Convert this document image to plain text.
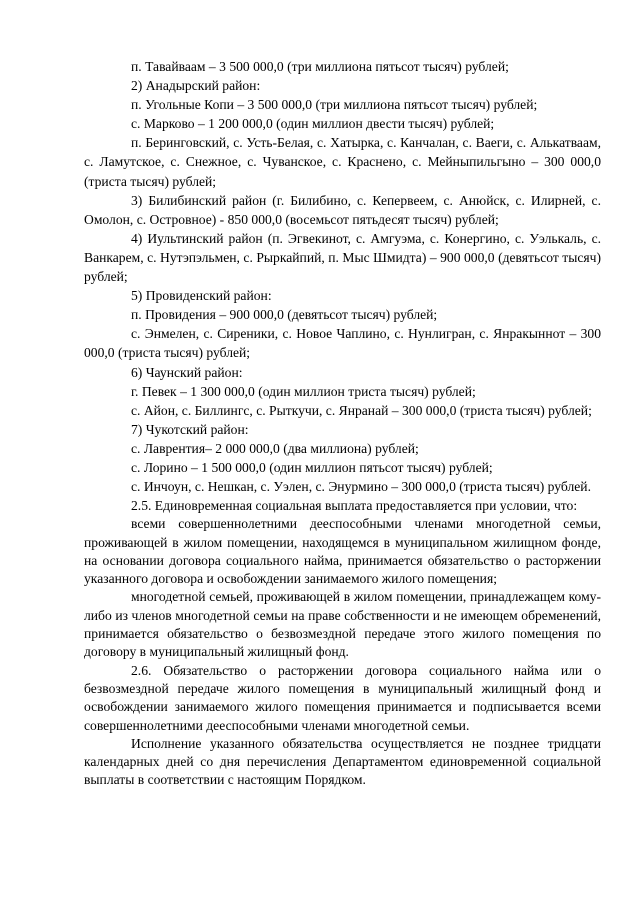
п. Тавайваам – 3 500 000,0 (три миллиона пятьсот тысяч) рублей;

2) Анадырский район:

п. Угольные Копи – 3 500 000,0 (три миллиона пятьсот тысяч) рублей;

с. Марково – 1 200 000,0 (один миллион двести тысяч) рублей;

п. Беринговский, с. Усть-Белая, с. Хатырка, с. Канчалан, с. Ваеги, с. Алькатваам, с. Ламутское, с. Снежное, с. Чуванское, с. Краснено, с. Мейныпильгыно – 300 000,0 (триста тысяч) рублей;

3) Билибинский район (г. Билибино, с. Кепервеем, с. Анюйск, с. Илирней, с. Омолон, с. Островное) - 850 000,0 (восемьсот пятьдесят тысяч) рублей;

4) Иультинский район (п. Эгвекинот, с. Амгуэма, с. Конергино, с. Уэлькаль, с. Ванкарем, с. Нутэпэльмен, с. Рыркайпий, п. Мыс Шмидта) – 900 000,0 (девятьсот тысяч) рублей;

5) Провиденский район:

п. Провидения – 900 000,0 (девятьсот тысяч) рублей;

с. Энмелен, с. Сиреники, с. Новое Чаплино, с. Нунлигран, с. Янракыннот – 300 000,0 (триста тысяч) рублей;

6) Чаунский район:

г. Певек – 1 300 000,0 (один миллион триста тысяч) рублей;

с. Айон, с. Биллингс, с. Рыткучи, с. Янранай – 300 000,0 (триста тысяч) рублей;

7) Чукотский район:

с. Лаврентия– 2 000 000,0 (два миллиона) рублей;

с. Лорино – 1 500 000,0 (один миллион пятьсот тысяч) рублей;

с. Инчоун, с. Нешкан, с. Уэлен, с. Энурмино – 300 000,0 (триста тысяч) рублей.

2.5. Единовременная социальная выплата предоставляется при условии, что:

всеми совершеннолетними дееспособными членами многодетной семьи, проживающей в жилом помещении, находящемся в муниципальном жилищном фонде, на основании договора социального найма, принимается обязательство о расторжении указанного договора и освобождении занимаемого жилого помещения;

многодетной семьей, проживающей в жилом помещении, принадлежащем кому-либо из членов многодетной семьи на праве собственности и не имеющем обременений, принимается обязательство о безвозмездной передаче этого жилого помещения по договору в муниципальный жилищный фонд.

2.6. Обязательство о расторжении договора социального найма или о безвозмездной передаче жилого помещения в муниципальный жилищный фонд и освобождении занимаемого жилого помещения принимается и подписывается всеми совершеннолетними дееспособными членами многодетной семьи.

Исполнение указанного обязательства осуществляется не позднее тридцати календарных дней со дня перечисления Департаментом единовременной социальной выплаты в соответствии с настоящим Порядком.
